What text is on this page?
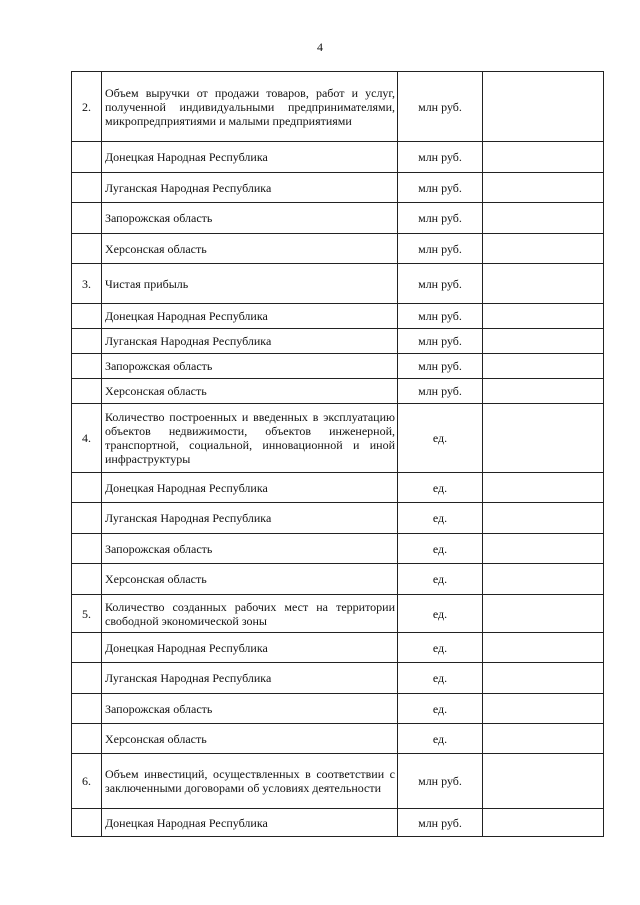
4
2.	Объем выручки от продажи товаров, работ и услуг, полученной индивидуальными предпринимателями, микропредприятиями и малыми предприятиями	млн руб.	

	Донецкая Народная Республика	млн руб.	

	Луганская Народная Республика	млн руб.	

	Запорожская область	млн руб.	

	Херсонская область	млн руб.	
3.	Чистая прибыль	млн руб.	

	Донецкая Народная Республика	млн руб.	

	Луганская Народная Республика	млн руб.	

	Запорожская область	млн руб.	

	Херсонская область	млн руб.	
4.	Количество построенных и введенных в эксплуатацию объектов недвижимости, объектов инженерной, транспортной, социальной, инновационной и иной инфраструктуры	ед.	

	Донецкая Народная Республика	ед.	

	Луганская Народная Республика	ед.	

	Запорожская область	ед.	

	Херсонская область	ед.	
5.	Количество созданных рабочих мест на территории свободной экономической зоны	ед.	

	Донецкая Народная Республика	ед.	

	Луганская Народная Республика	ед.	

	Запорожская область	ед.	

	Херсонская область	ед.	
6.	Объем инвестиций, осуществленных в соответствии с заключенными договорами об условиях деятельности	млн руб.	

	Донецкая Народная Республика	млн руб.	
